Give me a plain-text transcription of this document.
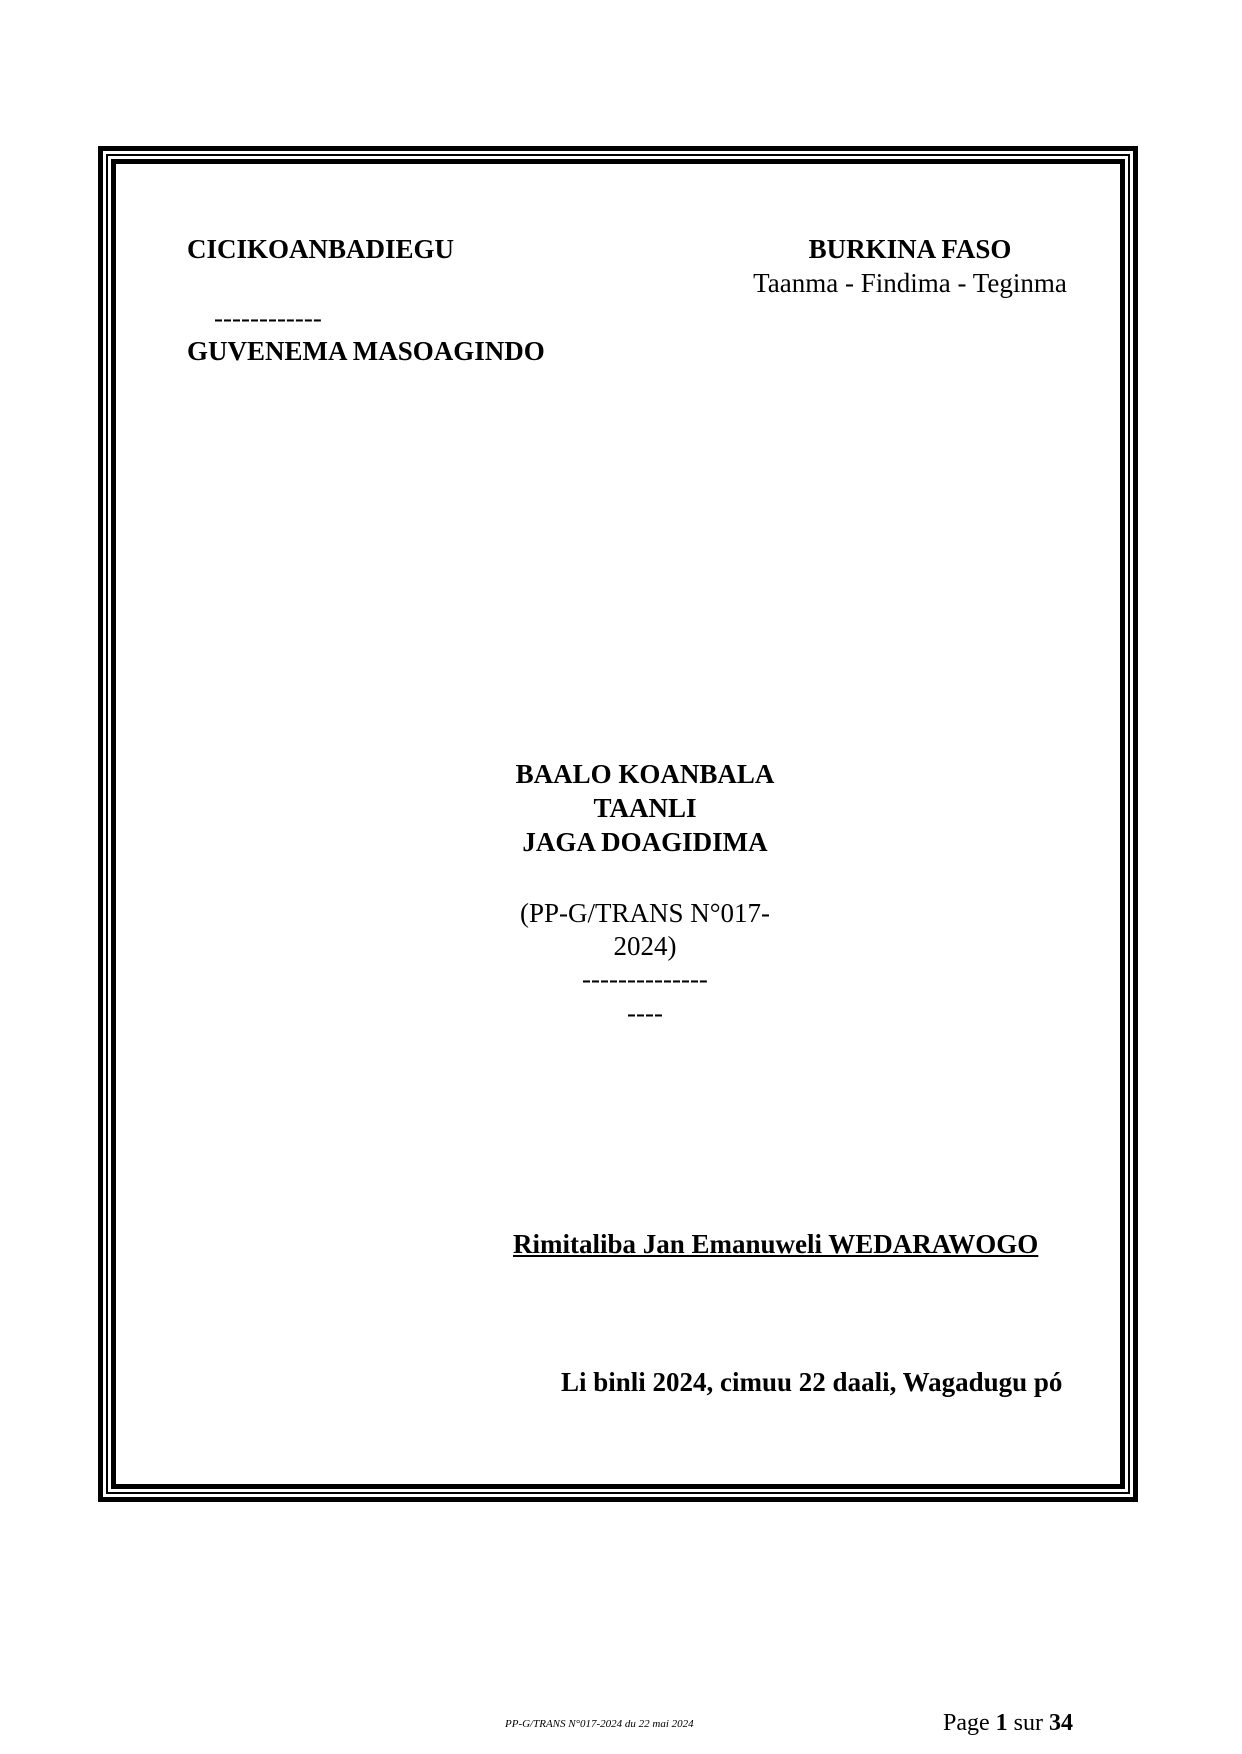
CICIKOANBADIEGU
------------
GUVENEMA MASOAGINDO
BURKINA FASO
Taanma - Findima - Teginma
BAALO KOANBALA
TAANLI
JAGA DOAGIDIMA
(PP-G/TRANS N°017-
2024)
--------------
----
Rimitaliba Jan Emanuweli WEDARAWOGO
Li binli 2024, cimuu 22 daali, Wagadugu pó
PP-G/TRANS N°017-2024 du 22 mai 2024	Page 1 sur 34
